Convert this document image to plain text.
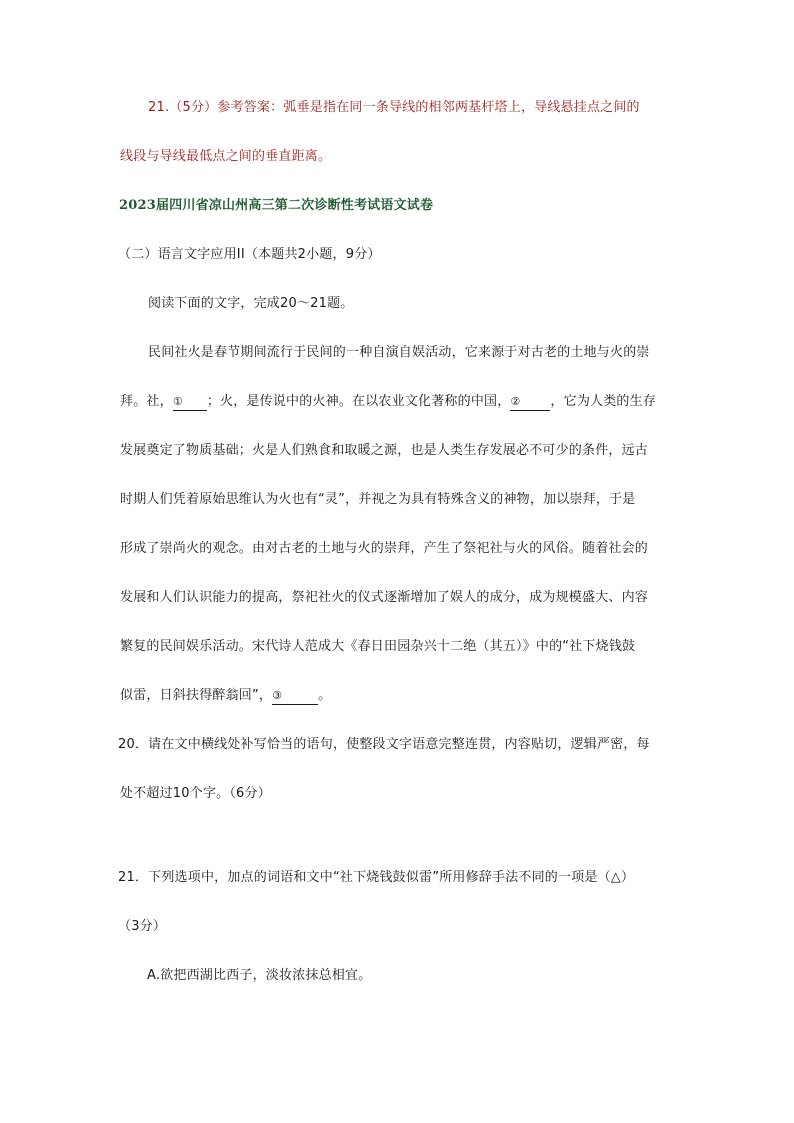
21.（5分）参考答案：弧垂是指在同一条导线的相邻两基杆塔上，导线悬挂点之间的
线段与导线最低点之间的垂直距离。
2023届四川省凉山州高三第二次诊断性考试语文试卷
（二）语言文字应用II（本题共2小题，9分）
阅读下面的文字，完成20～21题。
民间社火是春节期间流行于民间的一种自演自娱活动，它来源于对古老的土地与火的崇
拜。社，① ；火，是传说中的火神。在以农业文化著称的中国，② ，它为人类的生存
发展奠定了物质基础；火是人们熟食和取暖之源，也是人类生存发展必不可少的条件，远古
时期人们凭着原始思维认为火也有“灵”，并视之为具有特殊含义的神物，加以崇拜，于是
形成了崇尚火的观念。由对古老的土地与火的崇拜，产生了祭祀社与火的风俗。随着社会的
发展和人们认识能力的提高，祭祀社火的仪式逐渐增加了娱人的成分，成为规模盛大、内容
繁复的民间娱乐活动。宋代诗人范成大《春日田园杂兴十二绝（其五）》中的“社下烧钱鼓
似雷，日斜扶得醉翁回”，③	。
20．请在文中横线处补写恰当的语句，使整段文字语意完整连贯，内容贴切，逻辑严密，每
处不超过10个字。（6分）
21．下列选项中，加点的词语和文中“社下烧钱鼓似雷”所用修辞手法不同的一项是（△）
（3分）
A.欲把西湖比西子，淡妆浓抹总相宜。
